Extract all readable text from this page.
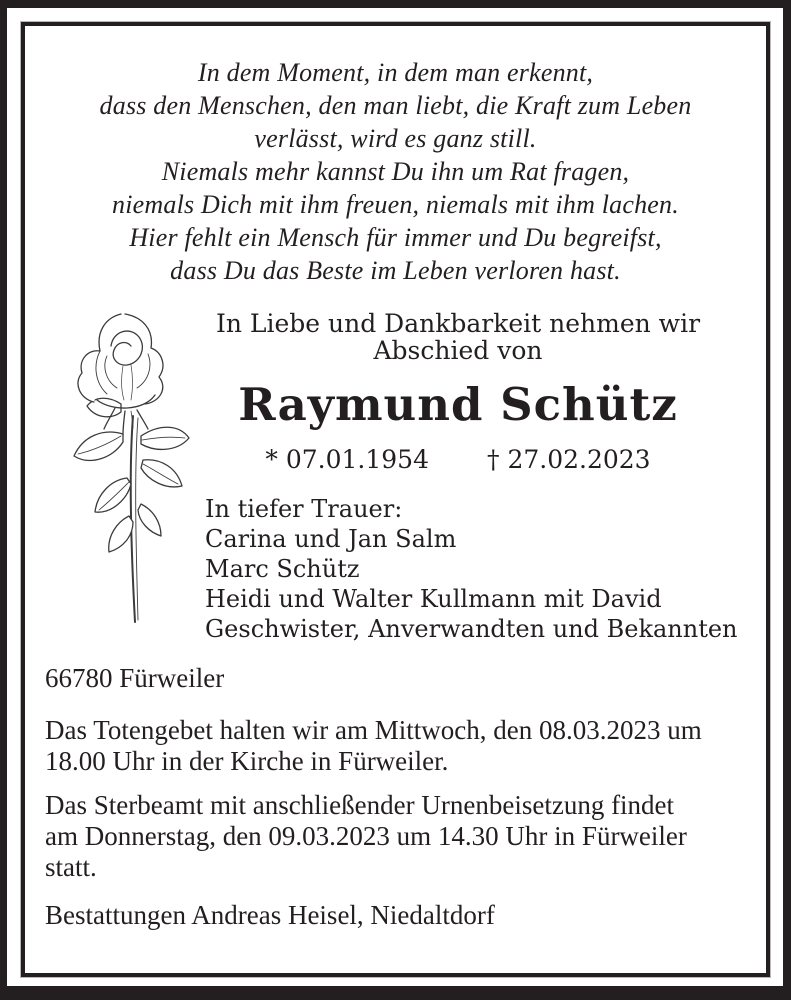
In dem Moment, in dem man erkennt,
dass den Menschen, den man liebt, die Kraft zum Leben
verlässt, wird es ganz still.
Niemals mehr kannst Du ihn um Rat fragen,
niemals Dich mit ihm freuen, niemals mit ihm lachen.
Hier fehlt ein Mensch für immer und Du begreifst,
dass Du das Beste im Leben verloren hast.
In Liebe und Dankbarkeit nehmen wir
Abschied von
Raymund Schütz
* 07.01.1954 † 27.02.2023
In tiefer Trauer:
Carina und Jan Salm
Marc Schütz
Heidi und Walter Kullmann mit David
Geschwister, Anverwandten und Bekannten
66780 Fürweiler
Das Totengebet halten wir am Mittwoch, den 08.03.2023 um
18.00 Uhr in der Kirche in Fürweiler.
Das Sterbeamt mit anschließender Urnenbeisetzung findet
am Donnerstag, den 09.03.2023 um 14.30 Uhr in Fürweiler
statt.
Bestattungen Andreas Heisel, Niedaltdorf
